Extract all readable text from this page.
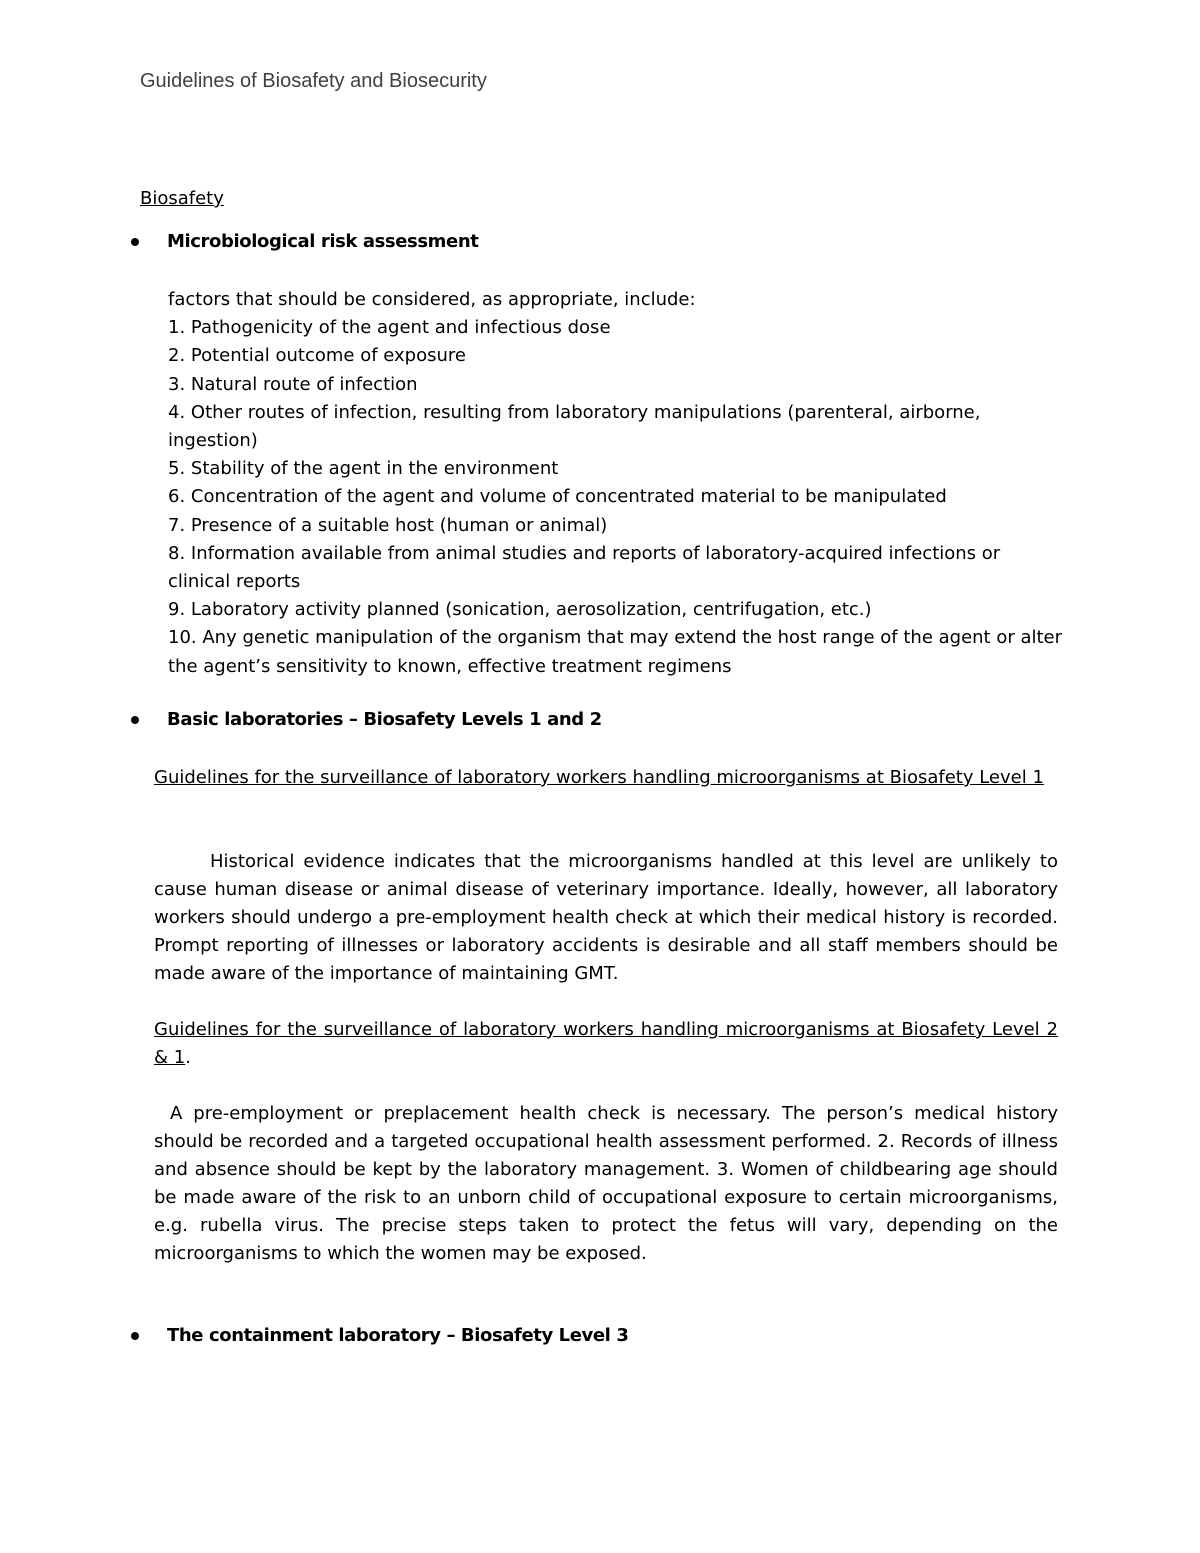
Guidelines of Biosafety and Biosecurity
Biosafety
Microbiological risk assessment
factors that should be considered, as appropriate, include:
1. Pathogenicity of the agent and infectious dose
2. Potential outcome of exposure
3. Natural route of infection
4. Other routes of infection, resulting from laboratory manipulations (parenteral, airborne, ingestion)
5. Stability of the agent in the environment
6. Concentration of the agent and volume of concentrated material to be manipulated
7. Presence of a suitable host (human or animal)
8. Information available from animal studies and reports of laboratory-acquired infections or clinical reports
9. Laboratory activity planned (sonication, aerosolization, centrifugation, etc.)
10. Any genetic manipulation of the organism that may extend the host range of the agent or alter the agent’s sensitivity to known, effective treatment regimens
Basic laboratories – Biosafety Levels 1 and 2
Guidelines for the surveillance of laboratory workers handling microorganisms at Biosafety Level 1
Historical evidence indicates that the microorganisms handled at this level are unlikely to cause human disease or animal disease of veterinary importance. Ideally, however, all laboratory workers should undergo a pre-employment health check at which their medical history is recorded. Prompt reporting of illnesses or laboratory accidents is desirable and all staff members should be made aware of the importance of maintaining GMT.
Guidelines for the surveillance of laboratory workers handling microorganisms at Biosafety Level 2 & 1.
A pre-employment or preplacement health check is necessary. The person’s medical history should be recorded and a targeted occupational health assessment performed. 2. Records of illness and absence should be kept by the laboratory management. 3. Women of childbearing age should be made aware of the risk to an unborn child of occupational exposure to certain microorganisms, e.g. rubella virus. The precise steps taken to protect the fetus will vary, depending on the microorganisms to which the women may be exposed.
The containment laboratory – Biosafety Level 3
